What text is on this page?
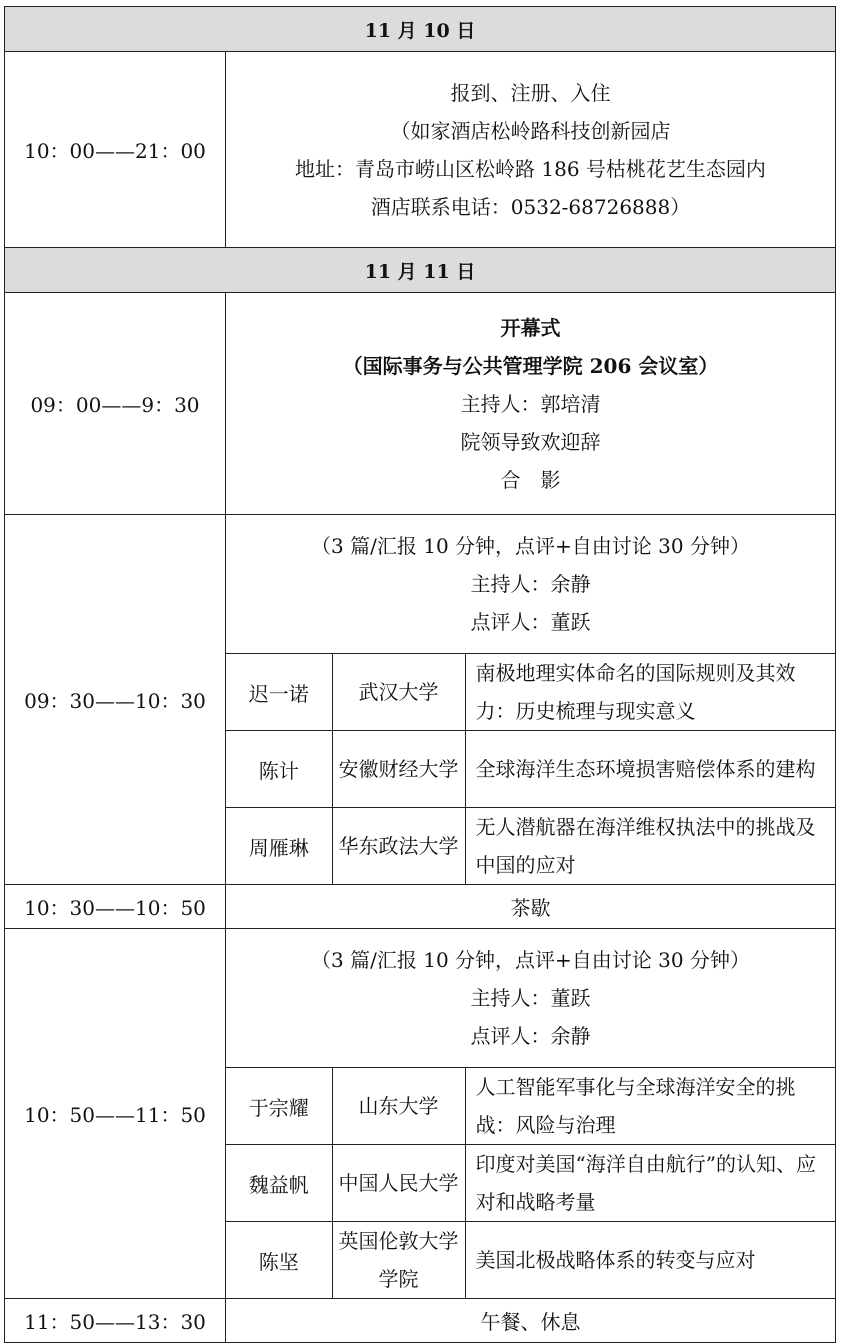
11 月 10 日
10：00——21：00	
报到、注册、入住
（如家酒店松岭路科技创新园店
地址：青岛市崂山区松岭路 186 号枯桃花艺生态园内
酒店联系电话：0532-68726888）

11 月 11 日
09：00——9：30	
开幕式
（国际事务与公共管理学院 206 会议室）
主持人：郭培清
院领导致欢迎辞
合　影

09：30——10：30	
（3 篇/汇报 10 分钟，点评+自由讨论 30 分钟）
主持人：余静
点评人：董跃

迟一诺	武汉大学	南极地理实体命名的国际规则及其效力：历史梳理与现实意义
陈计	安徽财经大学	全球海洋生态环境损害赔偿体系的建构
周雁琳	华东政法大学	无人潜航器在海洋维权执法中的挑战及中国的应对

10：30——10：50	茶歇
10：50——11：50	
（3 篇/汇报 10 分钟，点评+自由讨论 30 分钟）
主持人：董跃
点评人：余静

于宗耀	山东大学	人工智能军事化与全球海洋安全的挑战：风险与治理
魏益帆	中国人民大学	印度对美国“海洋自由航行”的认知、应对和战略考量
陈坚	英国伦敦大学学院	美国北极战略体系的转变与应对

11：50——13：30	午餐、休息
